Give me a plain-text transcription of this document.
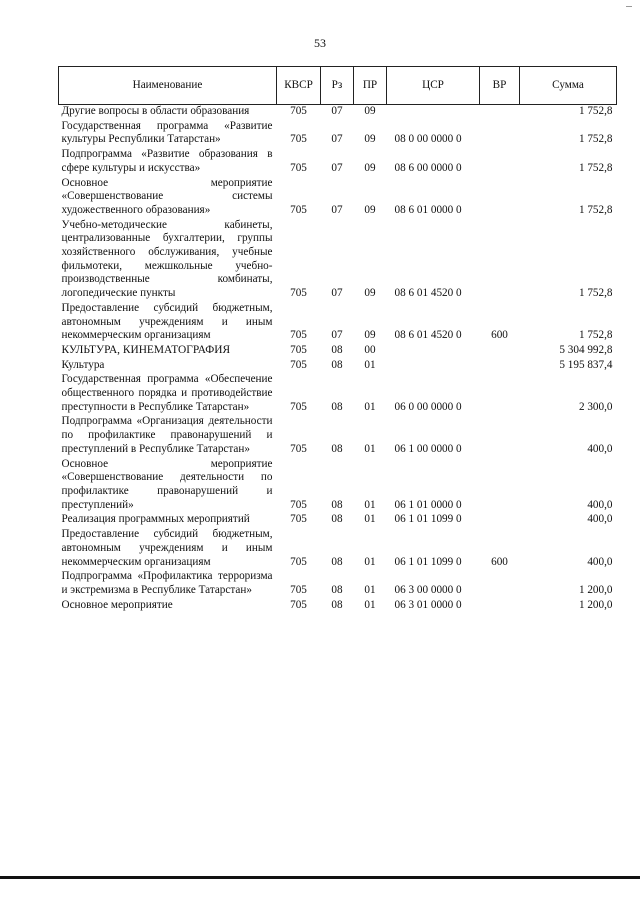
53
Наименование	КВСР	Рз	ПР	ЦСР	ВР	Сумма
Другие вопросы в области образования	705	07	09			1 752,8
Государственная программа «Развитие культуры Республики Татарстан»	705	07	09	08 0 00 0000 0		1 752,8
Подпрограмма «Развитие образования в сфере культуры и искусства»	705	07	09	08 6 00 0000 0		1 752,8
Основное мероприятие «Совершенствование системы художественного образования»	705	07	09	08 6 01 0000 0		1 752,8
Учебно-методические кабинеты, централизованные бухгалтерии, группы хозяйственного обслуживания, учебные фильмотеки, межшкольные учебно-производственные комбинаты, логопедические пункты	705	07	09	08 6 01 4520 0		1 752,8
Предоставление субсидий бюджетным, автономным учреждениям и иным некоммерческим организациям	705	07	09	08 6 01 4520 0	600	1 752,8
КУЛЬТУРА, КИНЕМАТОГРАФИЯ	705	08	00			5 304 992,8
Культура	705	08	01			5 195 837,4
Государственная программа «Обеспечение общественного порядка и противодействие преступности в Республике Татарстан»	705	08	01	06 0 00 0000 0		2 300,0
Подпрограмма «Организация деятельности по профилактике правонарушений и преступлений в Республике Татарстан»	705	08	01	06 1 00 0000 0		400,0
Основное мероприятие «Совершенствование деятельности по профилактике правонарушений и преступлений»	705	08	01	06 1 01 0000 0		400,0
Реализация программных мероприятий	705	08	01	06 1 01 1099 0		400,0
Предоставление субсидий бюджетным, автономным учреждениям и иным некоммерческим организациям	705	08	01	06 1 01 1099 0	600	400,0
Подпрограмма «Профилактика терроризма и экстремизма в Республике Татарстан»	705	08	01	06 3 00 0000 0		1 200,0
Основное мероприятие	705	08	01	06 3 01 0000 0		1 200,0
